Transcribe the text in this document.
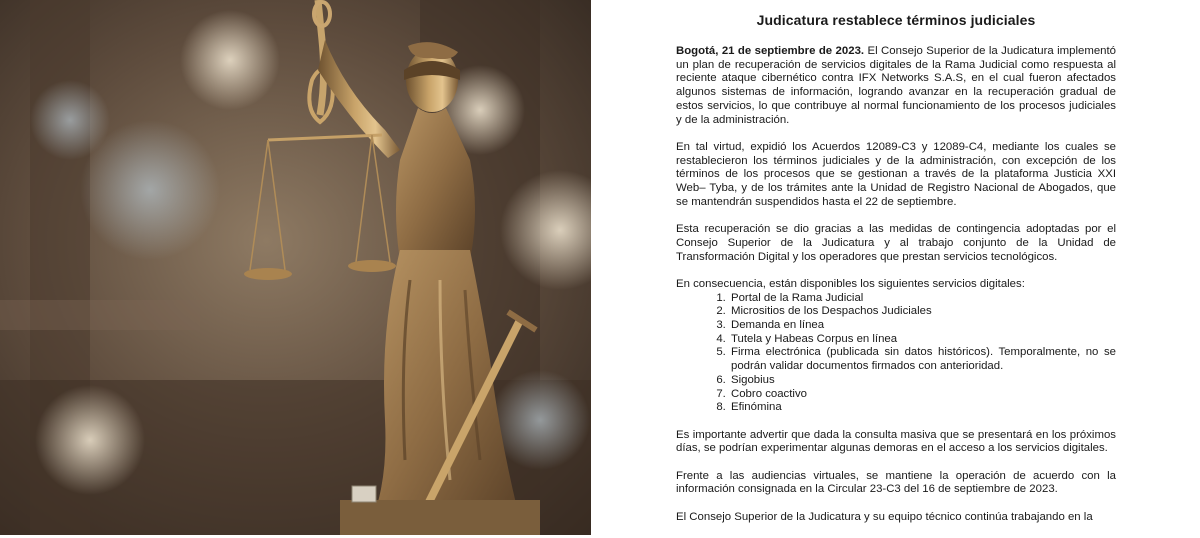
Judicatura restablece términos judiciales

Bogotá, 21 de septiembre de 2023. El Consejo Superior de la Judicatura implementó un plan de recuperación de servicios digitales de la Rama Judicial como respuesta al reciente ataque cibernético contra IFX Networks S.A.S, en el cual fueron afectados algunos sistemas de información, logrando avanzar en la recuperación gradual de estos servicios, lo que contribuye al normal funcionamiento de los procesos judiciales y de la administración.

En tal virtud, expidió los Acuerdos 12089-C3 y 12089-C4, mediante los cuales se restablecieron los términos judiciales y de la administración, con excepción de los términos de los procesos que se gestionan a través de la plataforma Justicia XXI Web– Tyba, y de los trámites ante la Unidad de Registro Nacional de Abogados, que se mantendrán suspendidos hasta el 22 de septiembre.

Esta recuperación se dio gracias a las medidas de contingencia adoptadas por el Consejo Superior de la Judicatura y al trabajo conjunto de la Unidad de Transformación Digital y los operadores que prestan servicios tecnológicos.

En consecuencia, están disponibles los siguientes servicios digitales:
1. Portal de la Rama Judicial
2. Micrositios de los Despachos Judiciales
3. Demanda en línea
4. Tutela y Habeas Corpus en línea
5. Firma electrónica (publicada sin datos históricos). Temporalmente, no se podrán validar documentos firmados con anterioridad.
6. Sigobius
7. Cobro coactivo
8. Efinómina

Es importante advertir que dada la consulta masiva que se presentará en los próximos días, se podrían experimentar algunas demoras en el acceso a los servicios digitales.

Frente a las audiencias virtuales, se mantiene la operación de acuerdo con la información consignada en la Circular 23-C3 del 16 de septiembre de 2023.

El Consejo Superior de la Judicatura y su equipo técnico continúa trabajando en la
